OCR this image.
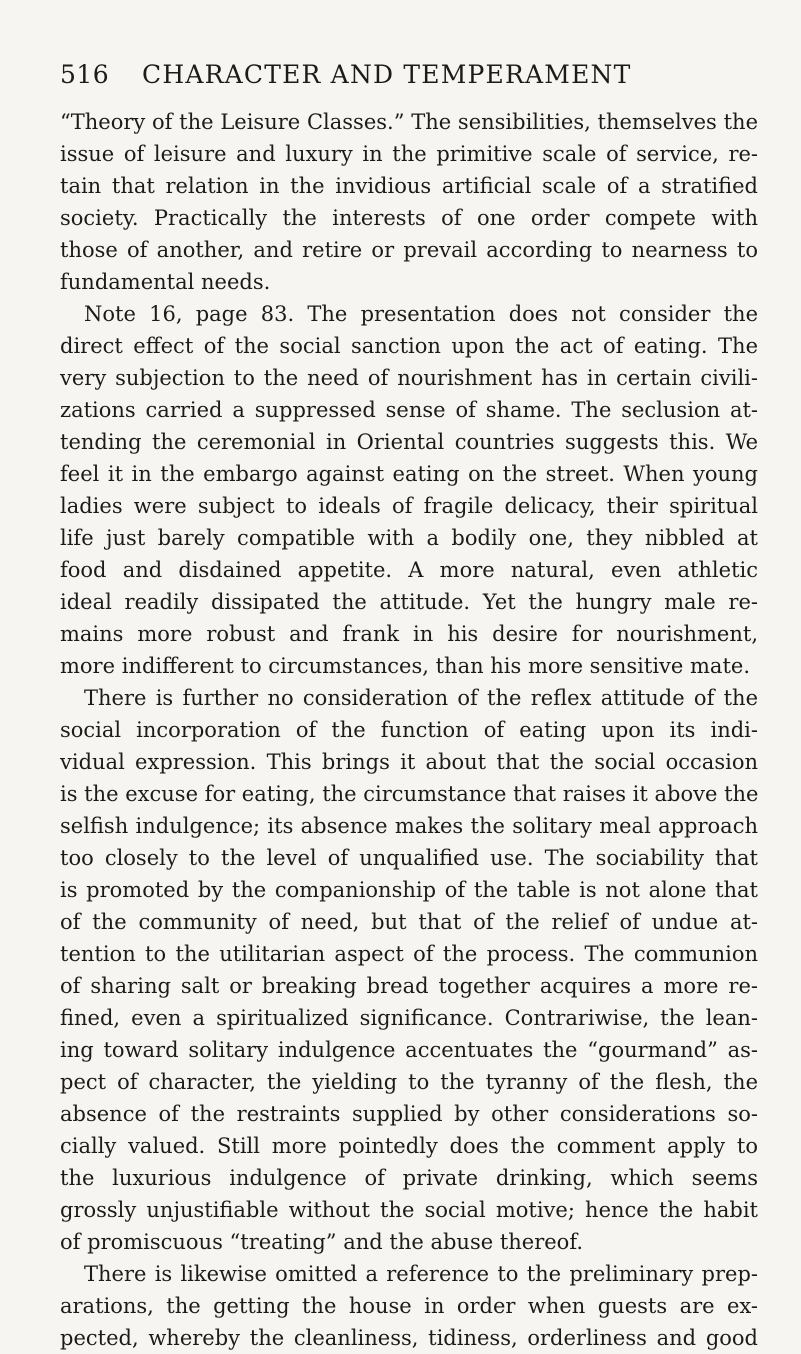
516 CHARACTER AND TEMPERAMENT
“Theory of the Leisure Classes.” The sensibilities, themselves the
issue of leisure and luxury in the primitive scale of service, re-
tain that relation in the invidious artificial scale of a stratified
society. Practically the interests of one order compete with
those of another, and retire or prevail according to nearness to
fundamental needs.
Note 16, page 83. The presentation does not consider the
direct effect of the social sanction upon the act of eating. The
very subjection to the need of nourishment has in certain civili-
zations carried a suppressed sense of shame. The seclusion at-
tending the ceremonial in Oriental countries suggests this. We
feel it in the embargo against eating on the street. When young
ladies were subject to ideals of fragile delicacy, their spiritual
life just barely compatible with a bodily one, they nibbled at
food and disdained appetite. A more natural, even athletic
ideal readily dissipated the attitude. Yet the hungry male re-
mains more robust and frank in his desire for nourishment,
more indifferent to circumstances, than his more sensitive mate.
There is further no consideration of the reflex attitude of the
social incorporation of the function of eating upon its indi-
vidual expression. This brings it about that the social occasion
is the excuse for eating, the circumstance that raises it above the
selfish indulgence; its absence makes the solitary meal approach
too closely to the level of unqualified use. The sociability that
is promoted by the companionship of the table is not alone that
of the community of need, but that of the relief of undue at-
tention to the utilitarian aspect of the process. The communion
of sharing salt or breaking bread together acquires a more re-
fined, even a spiritualized significance. Contrariwise, the lean-
ing toward solitary indulgence accentuates the “gourmand” as-
pect of character, the yielding to the tyranny of the flesh, the
absence of the restraints supplied by other considerations so-
cially valued. Still more pointedly does the comment apply to
the luxurious indulgence of private drinking, which seems
grossly unjustifiable without the social motive; hence the habit
of promiscuous “treating” and the abuse thereof.
There is likewise omitted a reference to the preliminary prep-
arations, the getting the house in order when guests are ex-
pected, whereby the cleanliness, tidiness, orderliness and good
